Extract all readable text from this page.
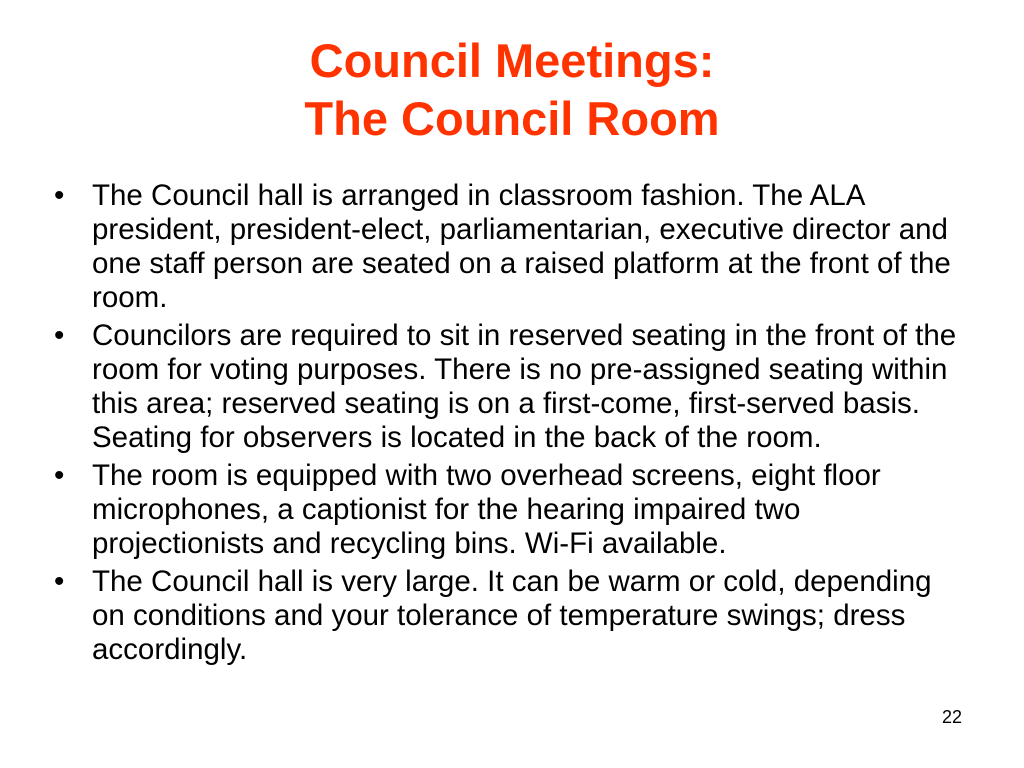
Council Meetings:
The Council Room
• The Council hall is arranged in classroom fashion. The ALA president, president-elect, parliamentarian, executive director and one staff person are seated on a raised platform at the front of the room.
• Councilors are required to sit in reserved seating in the front of the room for voting purposes. There is no pre-assigned seating within this area; reserved seating is on a first-come, first-served basis. Seating for observers is located in the back of the room.
• The room is equipped with two overhead screens, eight floor microphones, a captionist for the hearing impaired two projectionists and recycling bins. Wi-Fi available.
• The Council hall is very large. It can be warm or cold, depending on conditions and your tolerance of temperature swings; dress accordingly.
22
